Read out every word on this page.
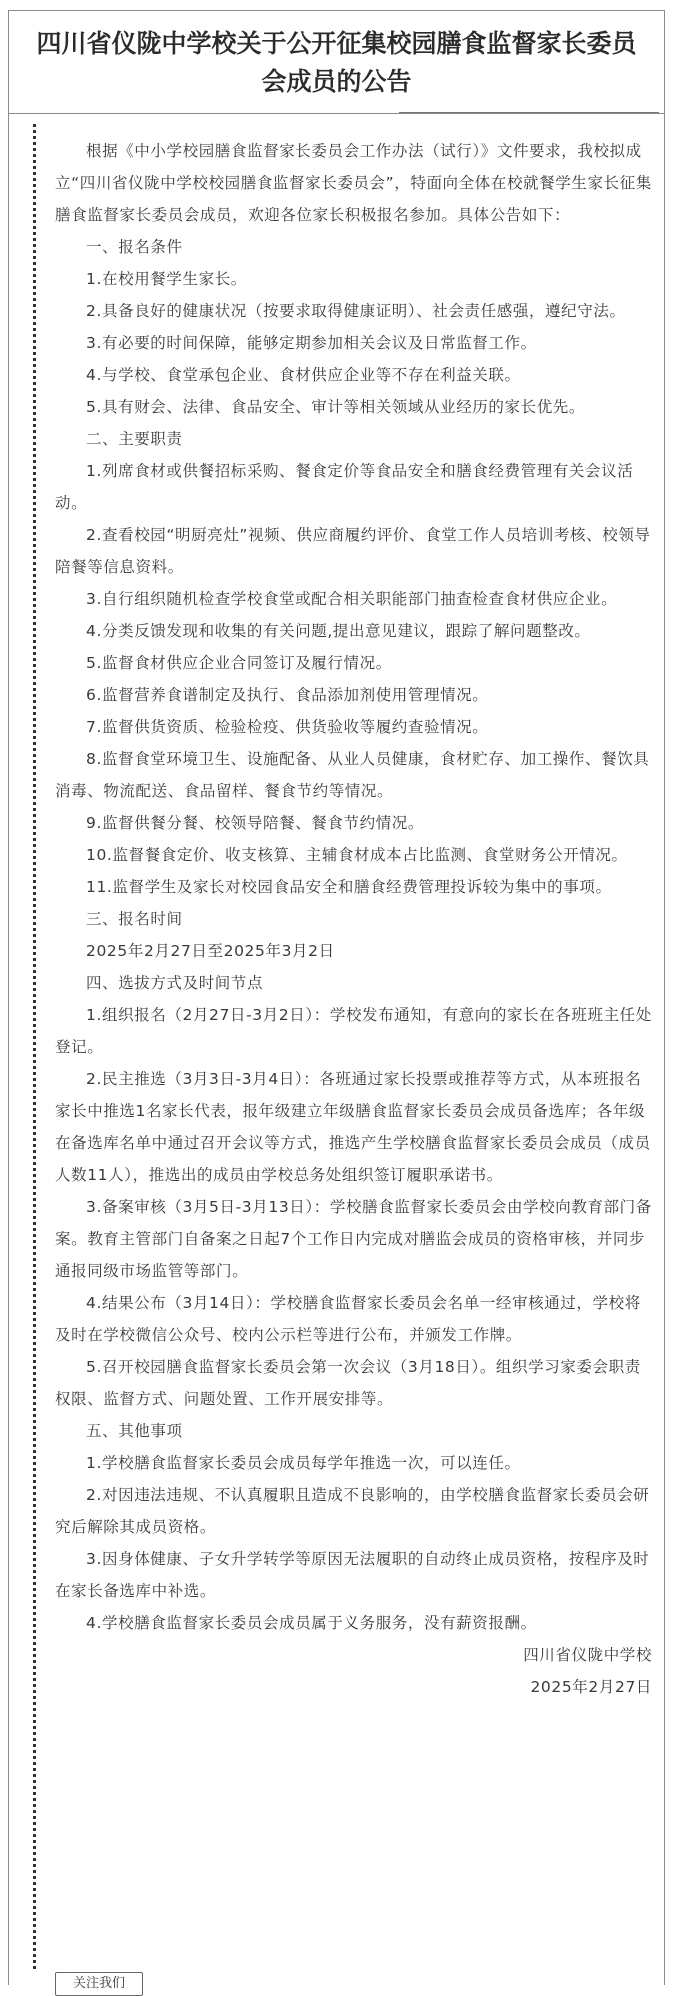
四川省仪陇中学校关于公开征集校园膳食监督家长委员会成员的公告

根据《中小学校园膳食监督家长委员会工作办法（试行）》文件要求，我校拟成立“四川省仪陇中学校校园膳食监督家长委员会”，特面向全体在校就餐学生家长征集膳食监督家长委员会成员，欢迎各位家长积极报名参加。具体公告如下：

一、报名条件

1.在校用餐学生家长。

2.具备良好的健康状况（按要求取得健康证明）、社会责任感强，遵纪守法。

3.有必要的时间保障，能够定期参加相关会议及日常监督工作。

4.与学校、食堂承包企业、食材供应企业等不存在利益关联。

5.具有财会、法律、食品安全、审计等相关领域从业经历的家长优先。

二、主要职责

1.列席食材或供餐招标采购、餐食定价等食品安全和膳食经费管理有关会议活动。

2.查看校园“明厨亮灶”视频、供应商履约评价、食堂工作人员培训考核、校领导陪餐等信息资料。

3.自行组织随机检查学校食堂或配合相关职能部门抽查检查食材供应企业。

4.分类反馈发现和收集的有关问题,提出意见建议，跟踪了解问题整改。

5.监督食材供应企业合同签订及履行情况。

6.监督营养食谱制定及执行、食品添加剂使用管理情况。

7.监督供货资质、检验检疫、供货验收等履约查验情况。

8.监督食堂环境卫生、设施配备、从业人员健康，食材贮存、加工操作、餐饮具消毒、物流配送、食品留样、餐食节约等情况。

9.监督供餐分餐、校领导陪餐、餐食节约情况。

10.监督餐食定价、收支核算、主辅食材成本占比监测、食堂财务公开情况。

11.监督学生及家长对校园食品安全和膳食经费管理投诉较为集中的事项。

三、报名时间

2025年2月27日至2025年3月2日

四、选拔方式及时间节点

1.组织报名（2月27日-3月2日）：学校发布通知，有意向的家长在各班班主任处登记。

2.民主推选（3月3日-3月4日）：各班通过家长投票或推荐等方式，从本班报名家长中推选1名家长代表，报年级建立年级膳食监督家长委员会成员备选库；各年级在备选库名单中通过召开会议等方式，推选产生学校膳食监督家长委员会成员（成员人数11人），推选出的成员由学校总务处组织签订履职承诺书。

3.备案审核（3月5日-3月13日）：学校膳食监督家长委员会由学校向教育部门备案。教育主管部门自备案之日起7个工作日内完成对膳监会成员的资格审核，并同步通报同级市场监管等部门。

4.结果公布（3月14日）：学校膳食监督家长委员会名单一经审核通过，学校将及时在学校微信公众号、校内公示栏等进行公布，并颁发工作牌。

5.召开校园膳食监督家长委员会第一次会议（3月18日）。组织学习家委会职责权限、监督方式、问题处置、工作开展安排等。

五、其他事项

1.学校膳食监督家长委员会成员每学年推选一次，可以连任。

2.对因违法违规、不认真履职且造成不良影响的，由学校膳食监督家长委员会研究后解除其成员资格。

3.因身体健康、子女升学转学等原因无法履职的自动终止成员资格，按程序及时在家长备选库中补选。

4.学校膳食监督家长委员会成员属于义务服务，没有薪资报酬。

四川省仪陇中学校

2025年2月27日

关注我们
